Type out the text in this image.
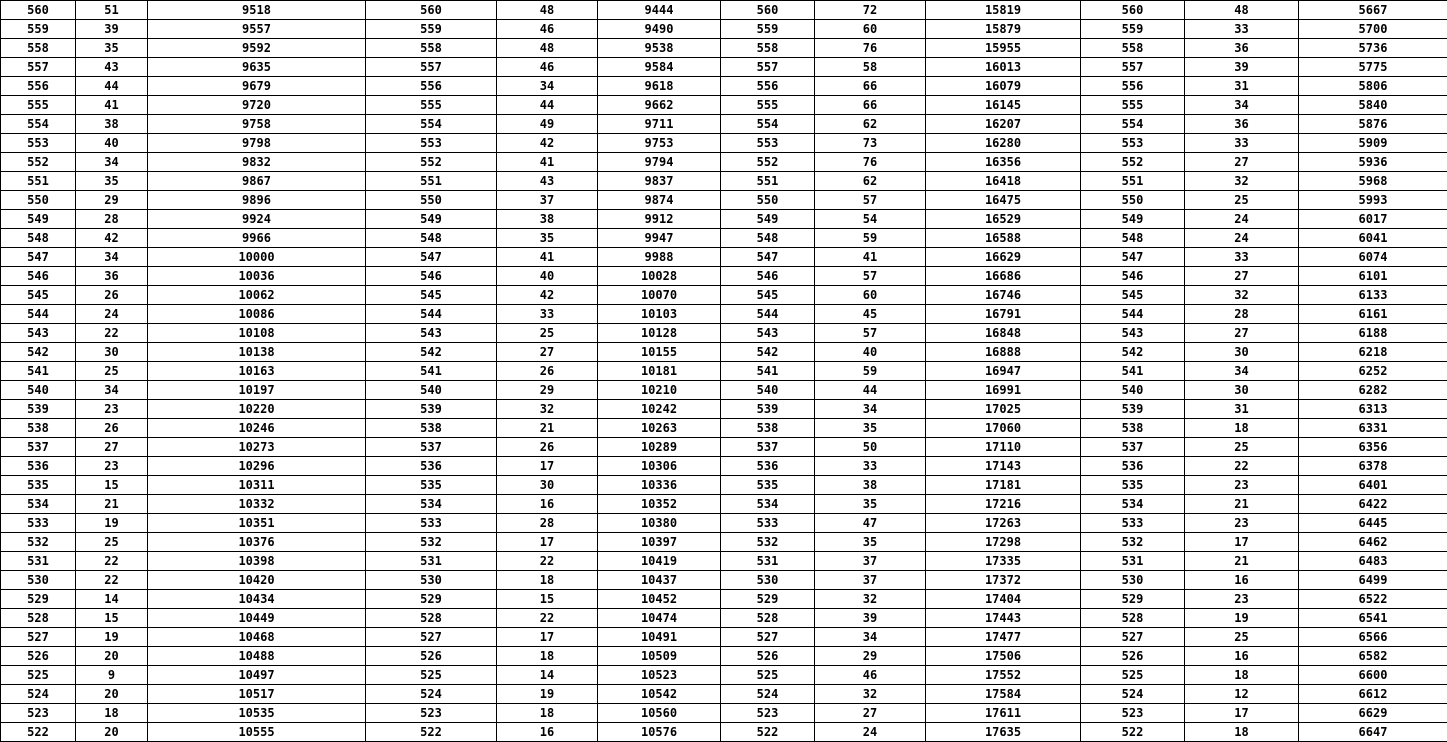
560	51	9518	560	48	9444	560	72	15819	560	48	5667
559	39	9557	559	46	9490	559	60	15879	559	33	5700
558	35	9592	558	48	9538	558	76	15955	558	36	5736
557	43	9635	557	46	9584	557	58	16013	557	39	5775
556	44	9679	556	34	9618	556	66	16079	556	31	5806
555	41	9720	555	44	9662	555	66	16145	555	34	5840
554	38	9758	554	49	9711	554	62	16207	554	36	5876
553	40	9798	553	42	9753	553	73	16280	553	33	5909
552	34	9832	552	41	9794	552	76	16356	552	27	5936
551	35	9867	551	43	9837	551	62	16418	551	32	5968
550	29	9896	550	37	9874	550	57	16475	550	25	5993
549	28	9924	549	38	9912	549	54	16529	549	24	6017
548	42	9966	548	35	9947	548	59	16588	548	24	6041
547	34	10000	547	41	9988	547	41	16629	547	33	6074
546	36	10036	546	40	10028	546	57	16686	546	27	6101
545	26	10062	545	42	10070	545	60	16746	545	32	6133
544	24	10086	544	33	10103	544	45	16791	544	28	6161
543	22	10108	543	25	10128	543	57	16848	543	27	6188
542	30	10138	542	27	10155	542	40	16888	542	30	6218
541	25	10163	541	26	10181	541	59	16947	541	34	6252
540	34	10197	540	29	10210	540	44	16991	540	30	6282
539	23	10220	539	32	10242	539	34	17025	539	31	6313
538	26	10246	538	21	10263	538	35	17060	538	18	6331
537	27	10273	537	26	10289	537	50	17110	537	25	6356
536	23	10296	536	17	10306	536	33	17143	536	22	6378
535	15	10311	535	30	10336	535	38	17181	535	23	6401
534	21	10332	534	16	10352	534	35	17216	534	21	6422
533	19	10351	533	28	10380	533	47	17263	533	23	6445
532	25	10376	532	17	10397	532	35	17298	532	17	6462
531	22	10398	531	22	10419	531	37	17335	531	21	6483
530	22	10420	530	18	10437	530	37	17372	530	16	6499
529	14	10434	529	15	10452	529	32	17404	529	23	6522
528	15	10449	528	22	10474	528	39	17443	528	19	6541
527	19	10468	527	17	10491	527	34	17477	527	25	6566
526	20	10488	526	18	10509	526	29	17506	526	16	6582
525	9	10497	525	14	10523	525	46	17552	525	18	6600
524	20	10517	524	19	10542	524	32	17584	524	12	6612
523	18	10535	523	18	10560	523	27	17611	523	17	6629
522	20	10555	522	16	10576	522	24	17635	522	18	6647
